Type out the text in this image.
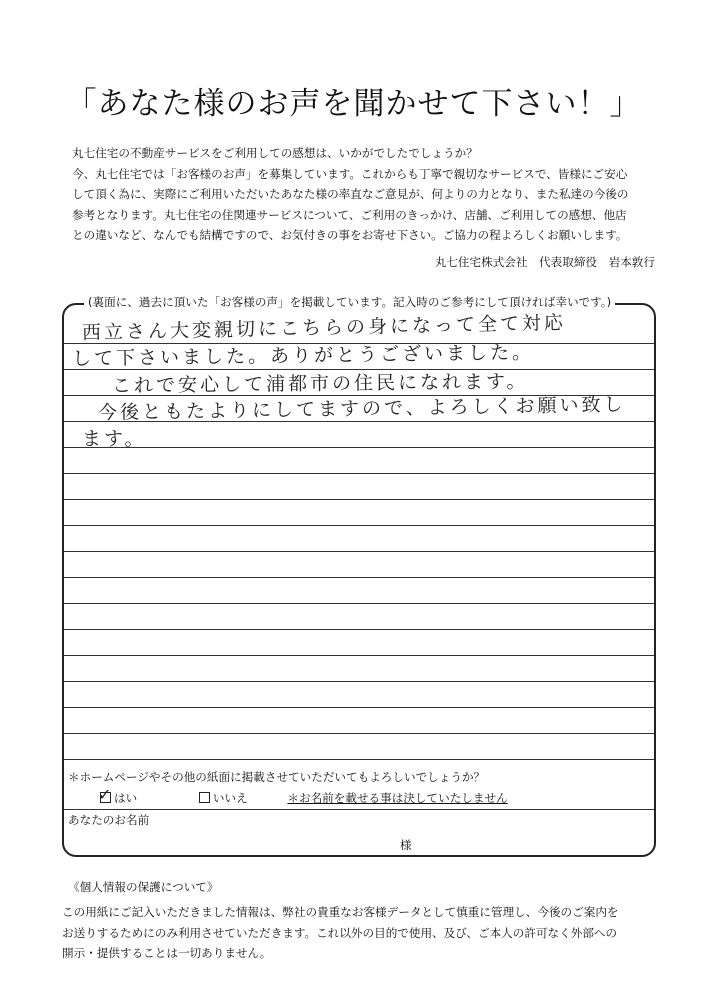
「あなた様のお声を聞かせて下さい！」

丸七住宅の不動産サービスをご利用しての感想は、いかがでしたでしょうか？

今、丸七住宅では「お客様のお声」を募集しています。これからも丁寧で親切なサービスで、皆様にご安心

して頂く為に、実際にご利用いただいたあなた様の率直なご意見が、何よりの力となり、また私達の今後の

参考となります。丸七住宅の住関連サービスについて、ご利用のきっかけ、店舗、ご利用しての感想、他店

との違いなど、なんでも結構ですので、お気付きの事をお寄せ下さい。ご協力の程よろしくお願いします。

丸七住宅株式会社　代表取締役　岩本敦行
(裏面に、過去に頂いた「お客様の声」を掲載しています。記入時のご参考にして頂ければ幸いです。)
西立さん大変親切にこちらの身になって全て対応
して下さいました。ありがとうございました。
これで安心して浦都市の住民になれます。
今後ともたよりにしてますので、よろしくお願い致し
ます。
＊ホームページやその他の紙面に掲載させていただいてもよろしいでしょうか？
✓ はい	いいえ	＊お名前を載せる事は決していたしません
あなたのお名前
様
《個人情報の保護について》

この用紙にご記入いただきました情報は、弊社の貴重なお客様データとして慎重に管理し、今後のご案内を

お送りするためにのみ利用させていただきます。これ以外の目的で使用、及び、ご本人の許可なく外部への

開示・提供することは一切ありません。
